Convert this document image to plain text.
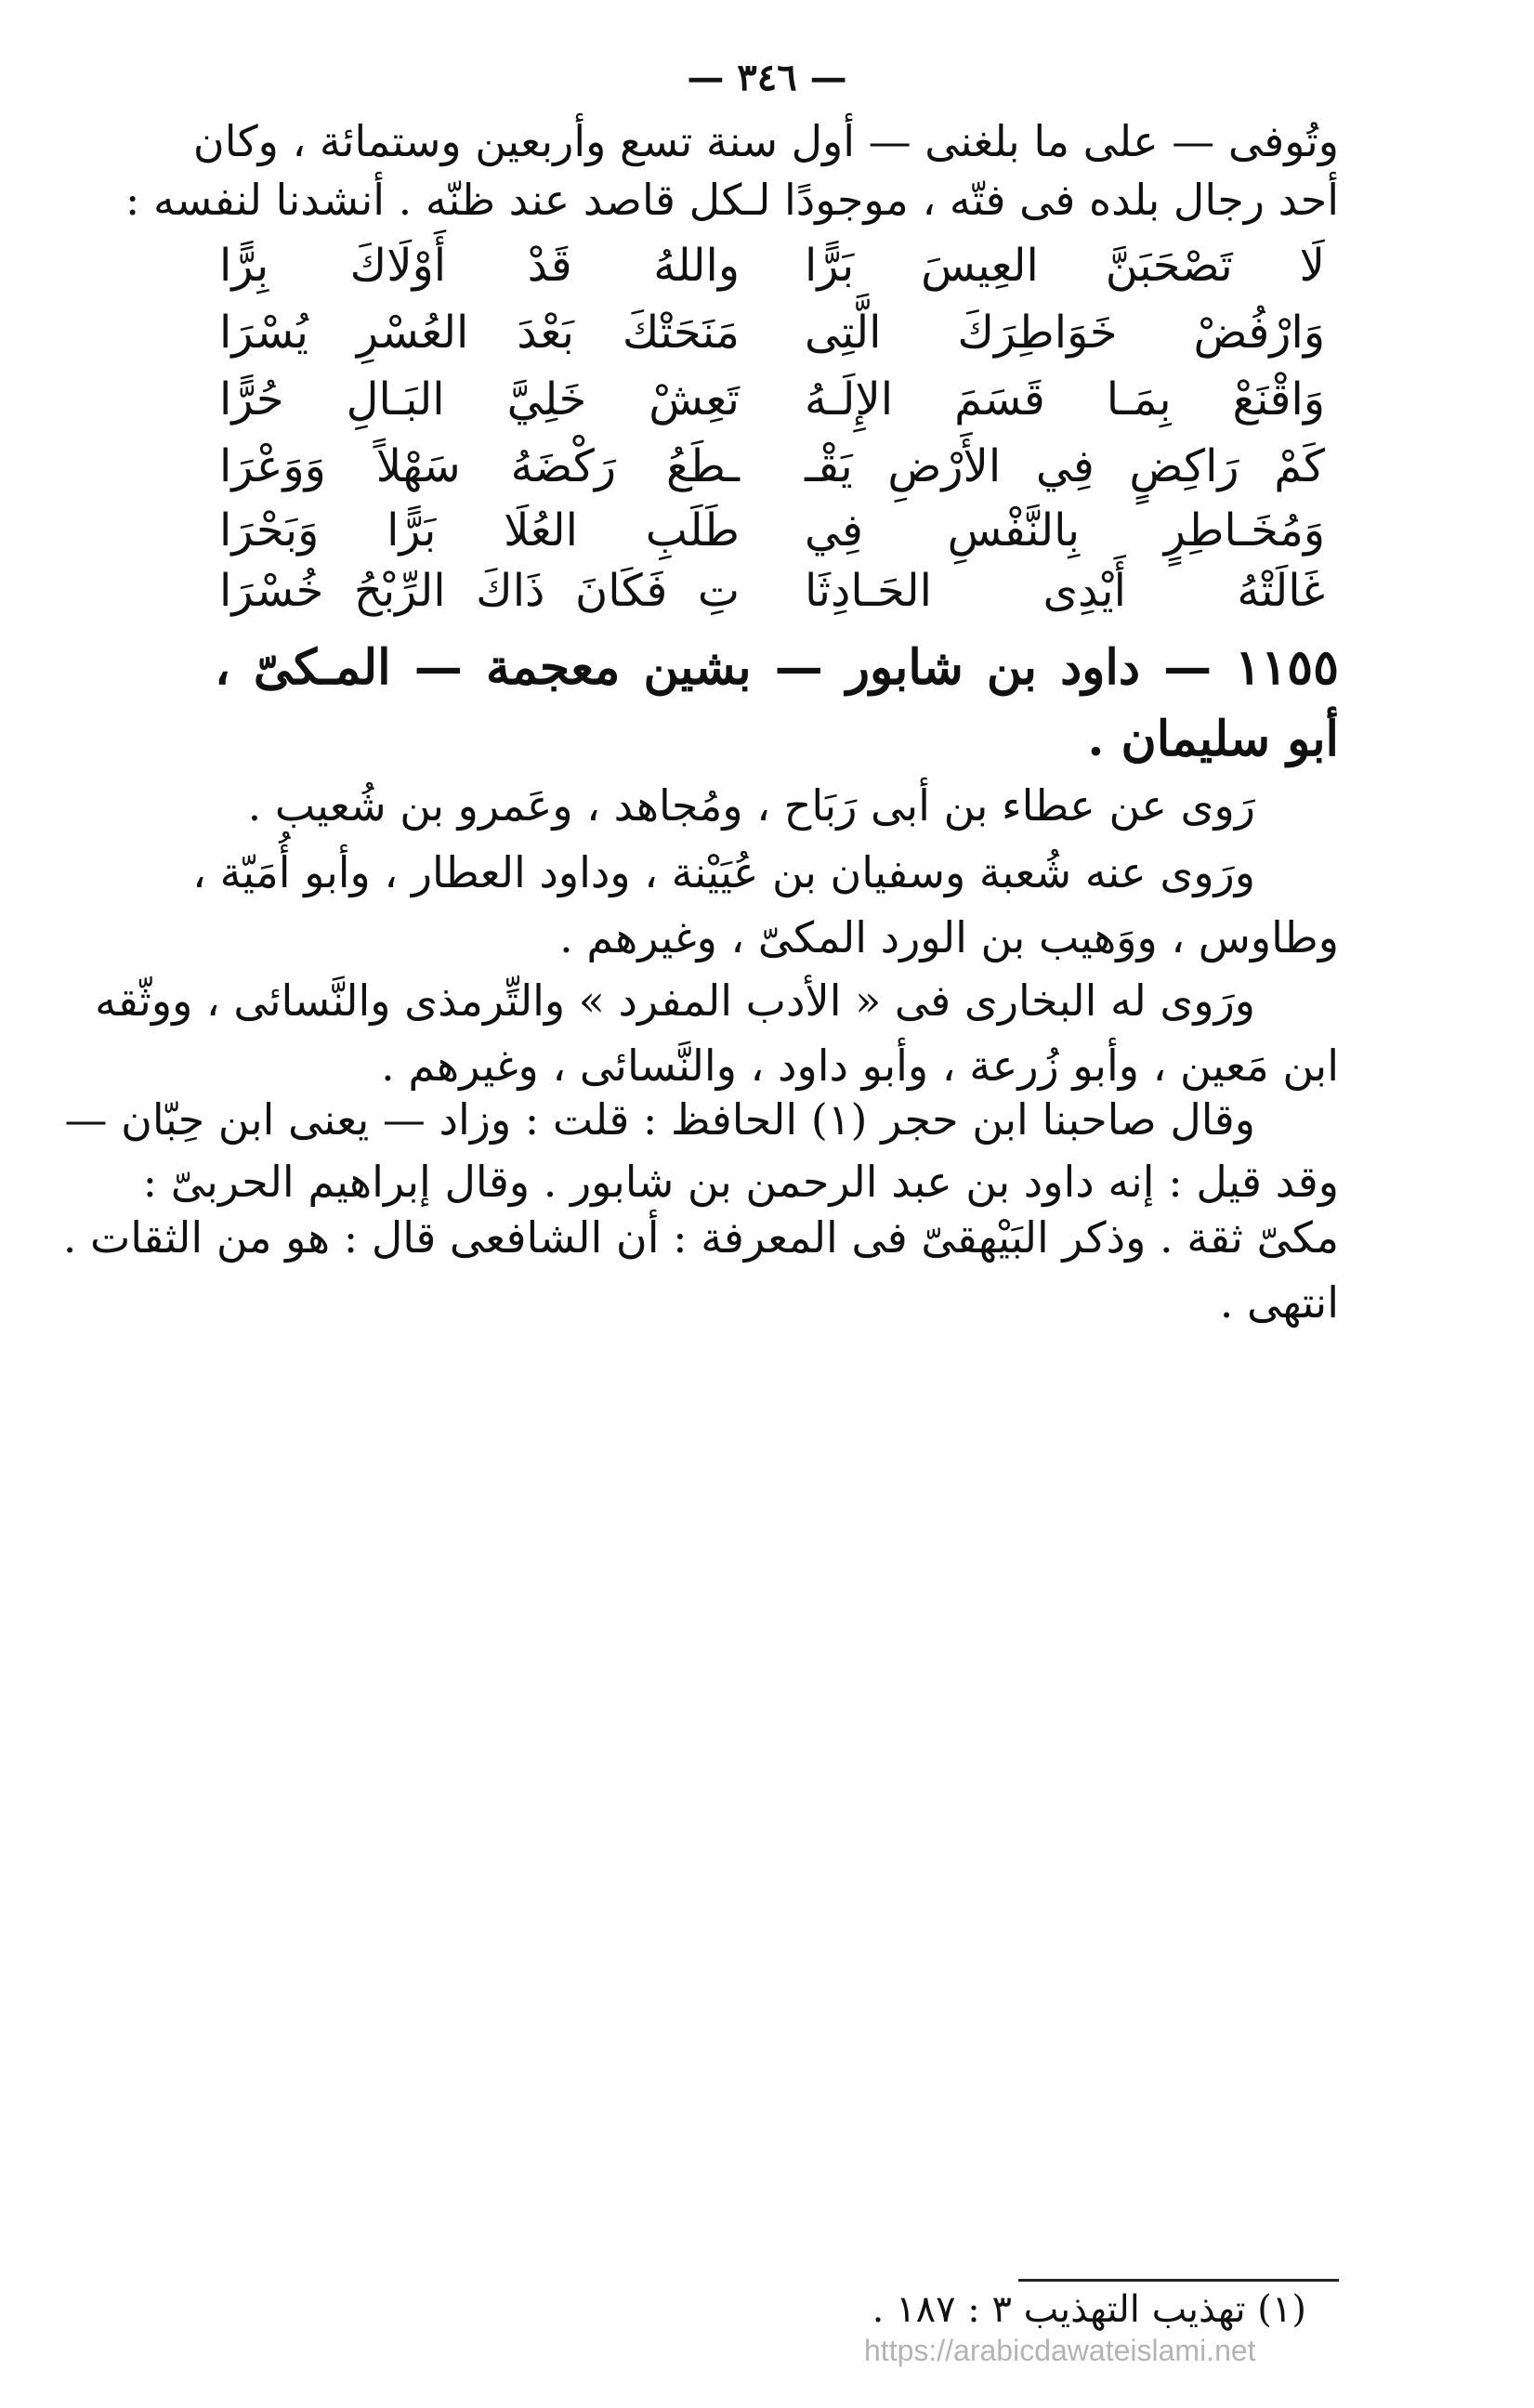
— ٣٤٦ —
وتُوفى — على ما بلغنى — أول سنة تسع وأربعين وستمائة ، وكان
أحد رجال بلده فى فتّه ، موجودًا لـكل قاصد عند ظنّه . أنشدنا لنفسه :
لَا تَصْحَبَنَّ العِيسَ بَرًّا
واللهُ قَدْ أَوْلَاكَ بِرًّا
وَارْفُضْ خَوَاطِرَكَ الَّتِى
مَنَحَتْكَ بَعْدَ العُسْرِ يُسْرَا
وَاقْنَعْ بِمَـا قَسَمَ الإِلَـهُ
تَعِشْ خَلِيَّ البَـالِ حُرًّا
كَمْ رَاكِضٍ فِي الأَرْضِ يَقْـ
ـطَعُ رَكْضَهُ سَهْلاً وَوَعْرَا
وَمُخَـاطِرٍ بِالنَّفْسِ فِي
طَلَبِ العُلَا بَرًّا وَبَحْرَا
غَالَتْهُ أَيْدِى الحَـادِثَا
تِ فَكَانَ ذَاكَ الرِّبْحُ خُسْرَا
١١٥٥ — داود بن شابور — بشين معجمة — المـكىّ ،
أبو سليمان .
رَوى عن عطاء بن أبى رَبَاح ، ومُجاهد ، وعَمرو بن شُعيب .
ورَوى عنه شُعبة وسفيان بن عُيَيْنة ، وداود العطار ، وأبو أُمَيّة ،
وطاوس ، ووَهيب بن الورد المكىّ ، وغيرهم .
ورَوى له البخارى فى « الأدب المفرد » والتِّرمذى والنَّسائى ، ووثّقه
ابن مَعين ، وأبو زُرعة ، وأبو داود ، والنَّسائى ، وغيرهم .
وقال صاحبنا ابن حجر (١) الحافظ : قلت : وزاد — يعنى ابن حِبّان —
وقد قيل : إنه داود بن عبد الرحمن بن شابور . وقال إبراهيم الحربىّ :
مكىّ ثقة . وذكر البَيْهقىّ فى المعرفة : أن الشافعى قال : هو من الثقات .
انتهى .
(١) تهذيب التهذيب ٣ : ١٨٧ .
https://arabicdawateislami.net
